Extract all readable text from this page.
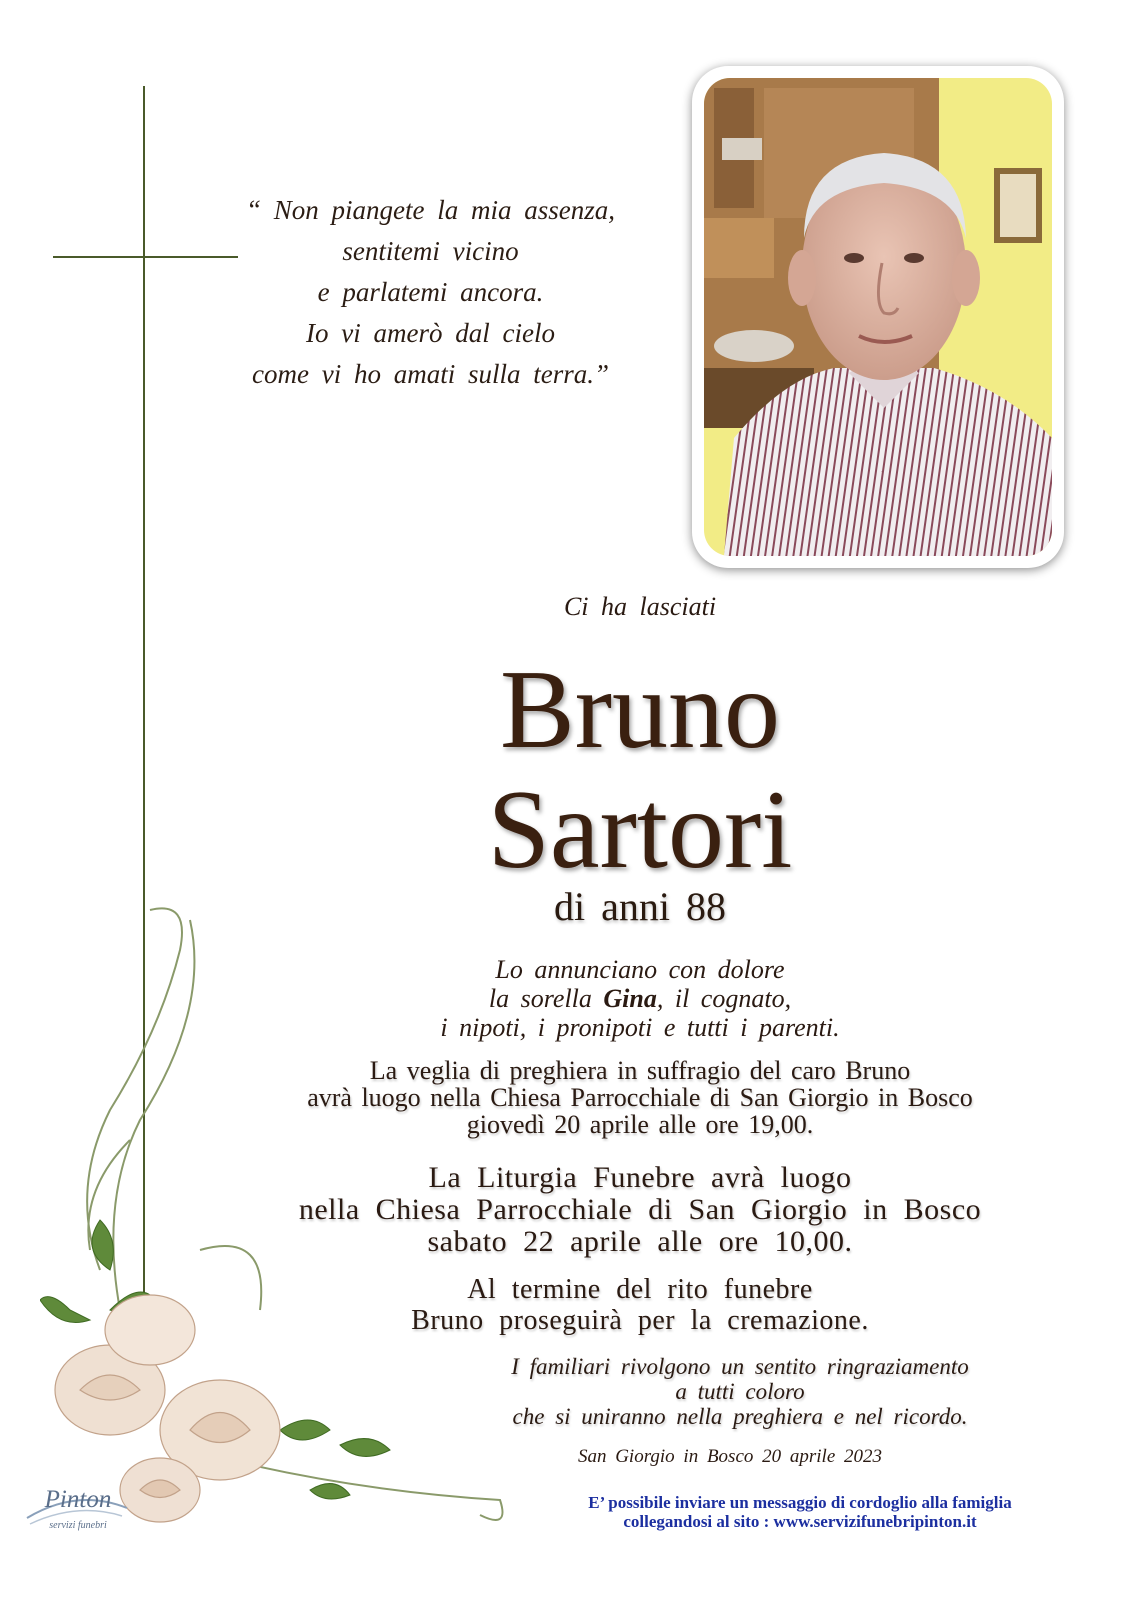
“ Non piangete la mia assenza,
sentitemi vicino
e parlatemi ancora.
Io vi amerò dal cielo
come vi ho amati sulla terra.”
Ci ha lasciati
Bruno
Sartori
di anni 88
Lo annunciano con dolore
la sorella Gina, il cognato,
i nipoti, i pronipoti e tutti i parenti.
La veglia di preghiera in suffragio del caro Bruno
avrà luogo nella Chiesa Parrocchiale di San Giorgio in Bosco
giovedì 20 aprile alle ore 19,00.
La Liturgia Funebre avrà luogo
nella Chiesa Parrocchiale di San Giorgio in Bosco
sabato 22 aprile alle ore 10,00.
Al termine del rito funebre
Bruno proseguirà per la cremazione.
I familiari rivolgono un sentito ringraziamento
a tutti coloro
che si uniranno nella preghiera e nel ricordo.
San Giorgio in Bosco 20 aprile 2023
E’ possibile inviare un messaggio di cordoglio alla famiglia
collegandosi al sito : www.servizifunebripinton.it
Pinton
servizi funebri
